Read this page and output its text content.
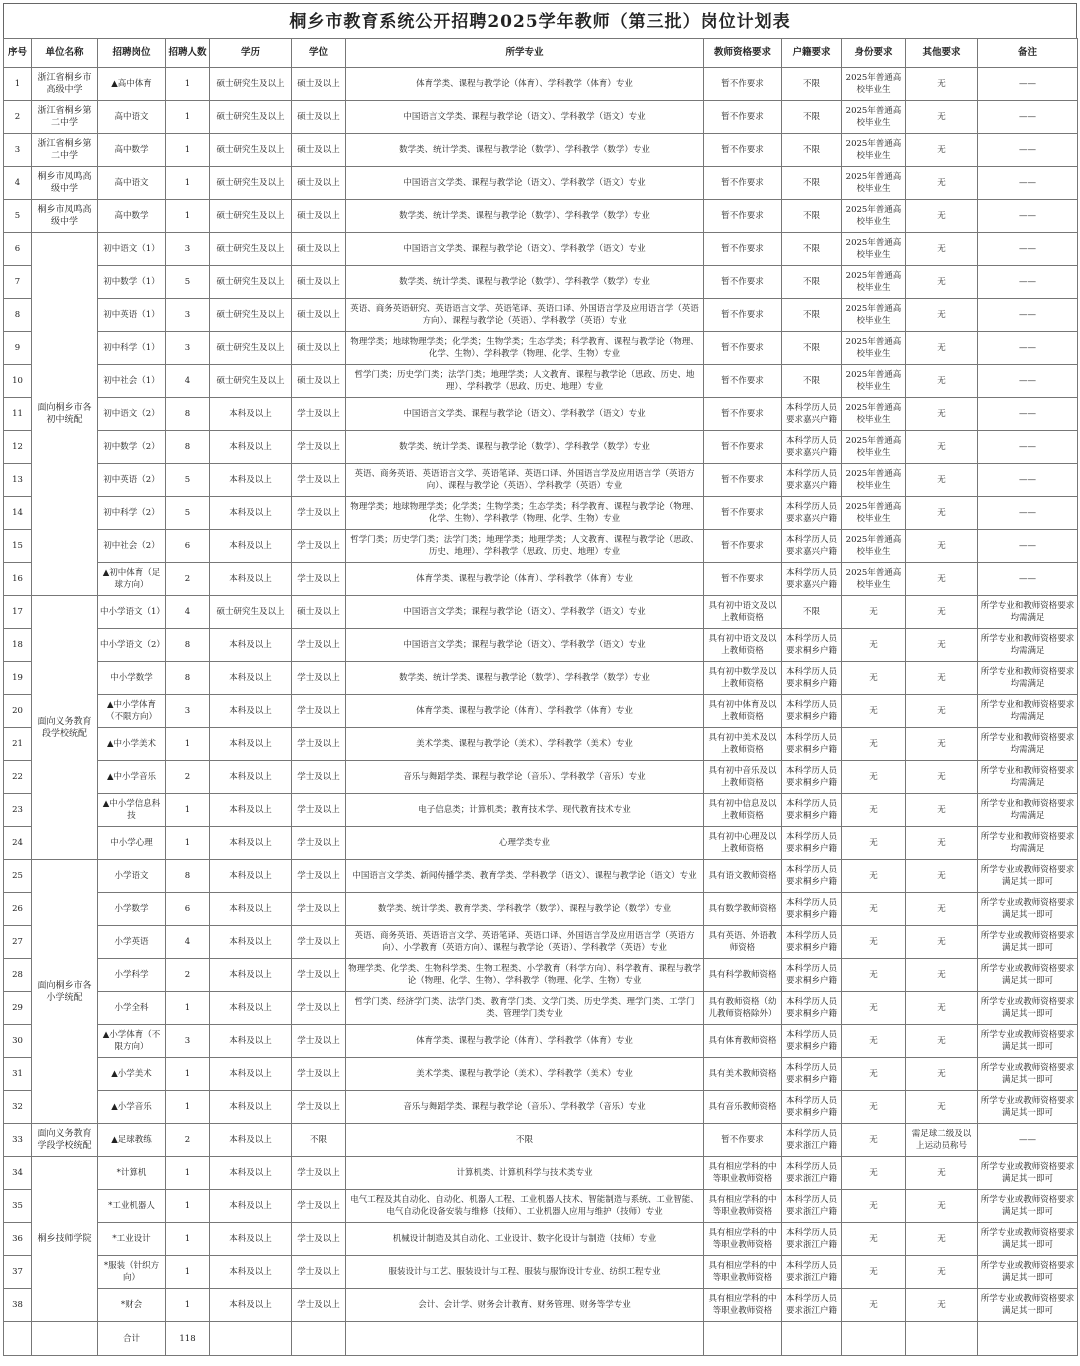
桐乡市教育系统公开招聘2025学年教师（第三批）岗位计划表
序号	单位名称	招聘岗位	招聘人数	学历	学位	所学专业	教师资格要求	户籍要求	身份要求	其他要求	备注
1	浙江省桐乡市高级中学	▲高中体育	1	硕士研究生及以上	硕士及以上	体育学类、课程与教学论（体育）、学科教学（体育）专业	暂不作要求	不限	2025年普通高校毕业生	无	——
2	浙江省桐乡第二中学	高中语文	1	硕士研究生及以上	硕士及以上	中国语言文学类、课程与教学论（语文）、学科教学（语文）专业	暂不作要求	不限	2025年普通高校毕业生	无	——
3	浙江省桐乡第二中学	高中数学	1	硕士研究生及以上	硕士及以上	数学类、统计学类、课程与教学论（数学）、学科教学（数学）专业	暂不作要求	不限	2025年普通高校毕业生	无	——
4	桐乡市凤鸣高级中学	高中语文	1	硕士研究生及以上	硕士及以上	中国语言文学类、课程与教学论（语文）、学科教学（语文）专业	暂不作要求	不限	2025年普通高校毕业生	无	——
5	桐乡市凤鸣高级中学	高中数学	1	硕士研究生及以上	硕士及以上	数学类、统计学类、课程与教学论（数学）、学科教学（数学）专业	暂不作要求	不限	2025年普通高校毕业生	无	——
6	面向桐乡市各初中统配	初中语文（1）	3	硕士研究生及以上	硕士及以上	中国语言文学类、课程与教学论（语文）、学科教学（语文）专业	暂不作要求	不限	2025年普通高校毕业生	无	——
7		初中数学（1）	5	硕士研究生及以上	硕士及以上	数学类、统计学类、课程与教学论（数学）、学科教学（数学）专业	暂不作要求	不限	2025年普通高校毕业生	无	——
8		初中英语（1）	3	硕士研究生及以上	硕士及以上	英语、商务英语研究、英语语言文学、英语笔译、英语口译、外国语言学及应用语言学（英语方向）、课程与教学论（英语）、学科教学（英语）专业	暂不作要求	不限	2025年普通高校毕业生	无	——
9		初中科学（1）	3	硕士研究生及以上	硕士及以上	物理学类；地球物理学类；化学类；生物学类；生态学类；科学教育、课程与教学论（物理、化学、生物）、学科教学（物理、化学、生物）专业	暂不作要求	不限	2025年普通高校毕业生	无	——
10		初中社会（1）	4	硕士研究生及以上	硕士及以上	哲学门类；历史学门类；法学门类；地理学类；人文教育、课程与教学论（思政、历史、地理）、学科教学（思政、历史、地理）专业	暂不作要求	不限	2025年普通高校毕业生	无	——
11		初中语文（2）	8	本科及以上	学士及以上	中国语言文学类、课程与教学论（语文）、学科教学（语文）专业	暂不作要求	本科学历人员要求嘉兴户籍	2025年普通高校毕业生	无	——
12		初中数学（2）	8	本科及以上	学士及以上	数学类、统计学类、课程与教学论（数学）、学科教学（数学）专业	暂不作要求	本科学历人员要求嘉兴户籍	2025年普通高校毕业生	无	——
13		初中英语（2）	5	本科及以上	学士及以上	英语、商务英语、英语语言文学、英语笔译、英语口译、外国语言学及应用语言学（英语方向）、课程与教学论（英语）、学科教学（英语）专业	暂不作要求	本科学历人员要求嘉兴户籍	2025年普通高校毕业生	无	——
14		初中科学（2）	5	本科及以上	学士及以上	物理学类；地球物理学类；化学类；生物学类；生态学类；科学教育、课程与教学论（物理、化学、生物）、学科教学（物理、化学、生物）专业	暂不作要求	本科学历人员要求嘉兴户籍	2025年普通高校毕业生	无	——
15		初中社会（2）	6	本科及以上	学士及以上	哲学门类；历史学门类；法学门类；地理学类；地理学类；人文教育、课程与教学论（思政、历史、地理）、学科教学（思政、历史、地理）专业	暂不作要求	本科学历人员要求嘉兴户籍	2025年普通高校毕业生	无	——
16		▲初中体育（足球方向）	2	本科及以上	学士及以上	体育学类、课程与教学论（体育）、学科教学（体育）专业	暂不作要求	本科学历人员要求嘉兴户籍	2025年普通高校毕业生	无	——
17	面向义务教育段学校统配	中小学语文（1）	4	硕士研究生及以上	硕士及以上	中国语言文学类；课程与教学论（语文）、学科教学（语文）专业	具有初中语文及以上教师资格	不限	无	无	所学专业和教师资格要求均需满足
18		中小学语文（2）	8	本科及以上	学士及以上	中国语言文学类；课程与教学论（语文）、学科教学（语文）专业	具有初中语文及以上教师资格	本科学历人员要求桐乡户籍	无	无	所学专业和教师资格要求均需满足
19		中小学数学	8	本科及以上	学士及以上	数学类、统计学类、课程与教学论（数学）、学科教学（数学）专业	具有初中数学及以上教师资格	本科学历人员要求桐乡户籍	无	无	所学专业和教师资格要求均需满足
20		▲中小学体育（不限方向）	3	本科及以上	学士及以上	体育学类、课程与教学论（体育）、学科教学（体育）专业	具有初中体育及以上教师资格	本科学历人员要求桐乡户籍	无	无	所学专业和教师资格要求均需满足
21		▲中小学美术	1	本科及以上	学士及以上	美术学类、课程与教学论（美术）、学科教学（美术）专业	具有初中美术及以上教师资格	本科学历人员要求桐乡户籍	无	无	所学专业和教师资格要求均需满足
22		▲中小学音乐	2	本科及以上	学士及以上	音乐与舞蹈学类、课程与教学论（音乐）、学科教学（音乐）专业	具有初中音乐及以上教师资格	本科学历人员要求桐乡户籍	无	无	所学专业和教师资格要求均需满足
23		▲中小学信息科技	1	本科及以上	学士及以上	电子信息类；计算机类；教育技术学、现代教育技术专业	具有初中信息及以上教师资格	本科学历人员要求桐乡户籍	无	无	所学专业和教师资格要求均需满足
24		中小学心理	1	本科及以上	学士及以上	心理学类专业	具有初中心理及以上教师资格	本科学历人员要求桐乡户籍	无	无	所学专业和教师资格要求均需满足
25	面向桐乡市各小学统配	小学语文	8	本科及以上	学士及以上	中国语言文学类、新闻传播学类、教育学类、学科教学（语文）、课程与教学论（语文）专业	具有语文教师资格	本科学历人员要求桐乡户籍	无	无	所学专业或教师资格要求满足其一即可
26		小学数学	6	本科及以上	学士及以上	数学类、统计学类、教育学类、学科教学（数学）、课程与教学论（数学）专业	具有数学教师资格	本科学历人员要求桐乡户籍	无	无	所学专业或教师资格要求满足其一即可
27		小学英语	4	本科及以上	学士及以上	英语、商务英语、英语语言文学、英语笔译、英语口译、外国语言学及应用语言学（英语方向）、小学教育（英语方向）、课程与教学论（英语）、学科教学（英语）专业	具有英语、外语教师资格	本科学历人员要求桐乡户籍	无	无	所学专业或教师资格要求满足其一即可
28		小学科学	2	本科及以上	学士及以上	物理学类、化学类、生物科学类、生物工程类、小学教育（科学方向）、科学教育、课程与教学论（物理、化学、生物）、学科教学（物理、化学、生物）专业	具有科学教师资格	本科学历人员要求桐乡户籍	无	无	所学专业或教师资格要求满足其一即可
29		小学全科	1	本科及以上	学士及以上	哲学门类、经济学门类、法学门类、教育学门类、文学门类、历史学类、理学门类、工学门类、管理学门类专业	具有教师资格（幼儿教师资格除外）	本科学历人员要求桐乡户籍	无	无	所学专业或教师资格要求满足其一即可
30		▲小学体育（不限方向）	3	本科及以上	学士及以上	体育学类、课程与教学论（体育）、学科教学（体育）专业	具有体育教师资格	本科学历人员要求桐乡户籍	无	无	所学专业或教师资格要求满足其一即可
31		▲小学美术	1	本科及以上	学士及以上	美术学类、课程与教学论（美术）、学科教学（美术）专业	具有美术教师资格	本科学历人员要求桐乡户籍	无	无	所学专业或教师资格要求满足其一即可
32		▲小学音乐	1	本科及以上	学士及以上	音乐与舞蹈学类、课程与教学论（音乐）、学科教学（音乐）专业	具有音乐教师资格	本科学历人员要求桐乡户籍	无	无	所学专业或教师资格要求满足其一即可
33	面向义务教育学段学校统配	▲足球教练	2	本科及以上	不限	不限	暂不作要求	本科学历人员要求浙江户籍	无	需足球二级及以上运动员称号	——
34	桐乡技师学院	*计算机	1	本科及以上	学士及以上	计算机类、计算机科学与技术类专业	具有相应学科的中等职业教师资格	本科学历人员要求浙江户籍	无	无	所学专业或教师资格要求满足其一即可
35		*工业机器人	1	本科及以上	学士及以上	电气工程及其自动化、自动化、机器人工程、工业机器人技术、智能制造与系统、工业智能、电气自动化设备安装与维修（技师）、工业机器人应用与维护（技师）专业	具有相应学科的中等职业教师资格	本科学历人员要求浙江户籍	无	无	所学专业或教师资格要求满足其一即可
36		*工业设计	1	本科及以上	学士及以上	机械设计制造及其自动化、工业设计、数字化设计与制造（技师）专业	具有相应学科的中等职业教师资格	本科学历人员要求浙江户籍	无	无	所学专业或教师资格要求满足其一即可
37		*服装（针织方向）	1	本科及以上	学士及以上	服装设计与工艺、服装设计与工程、服装与服饰设计专业、纺织工程专业	具有相应学科的中等职业教师资格	本科学历人员要求浙江户籍	无	无	所学专业或教师资格要求满足其一即可
38		*财会	1	本科及以上	学士及以上	会计、会计学、财务会计教育、财务管理、财务等学专业	具有相应学科的中等职业教师资格	本科学历人员要求浙江户籍	无	无	所学专业或教师资格要求满足其一即可
		合计	118								
